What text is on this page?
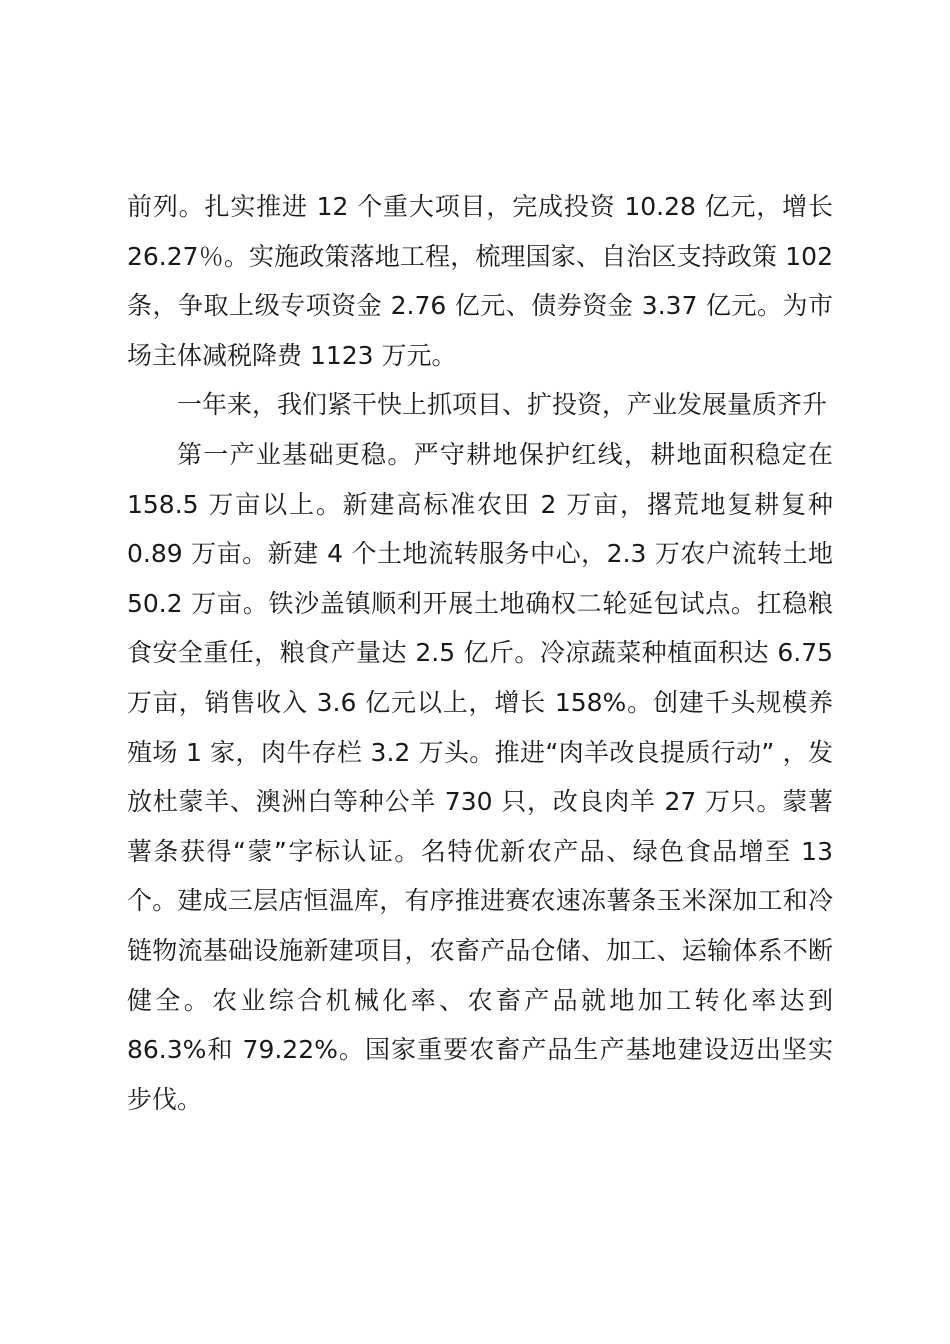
前列。扎实推进 12 个重大项目，完成投资 10.28 亿元，增长 26.27％。实施政策落地工程，梳理国家、自治区支持政策 102 条，争取上级专项资金 2.76 亿元、债券资金 3.37 亿元。为市场主体减税降费 1123 万元。

一年来，我们紧干快上抓项目、扩投资，产业发展量质齐升

第一产业基础更稳。严守耕地保护红线，耕地面积稳定在 158.5 万亩以上。新建高标准农田 2 万亩，撂荒地复耕复种 0.89 万亩。新建 4 个土地流转服务中心，2.3 万农户流转土地 50.2 万亩。铁沙盖镇顺利开展土地确权二轮延包试点。扛稳粮食安全重任，粮食产量达 2.5 亿斤。冷凉蔬菜种植面积达 6.75 万亩，销售收入 3.6 亿元以上，增长 158%。创建千头规模养殖场 1 家，肉牛存栏 3.2 万头。推进“肉羊改良提质行动” ，发放杜蒙羊、澳洲白等种公羊 730 只，改良肉羊 27 万只。蒙薯薯条获得“蒙”字标认证。名特优新农产品、绿色食品增至 13 个。建成三层店恒温库，有序推进赛农速冻薯条玉米深加工和冷链物流基础设施新建项目，农畜产品仓储、加工、运输体系不断健全。农业综合机械化率、农畜产品就地加工转化率达到 86.3%和 79.22%。国家重要农畜产品生产基地建设迈出坚实步伐。
